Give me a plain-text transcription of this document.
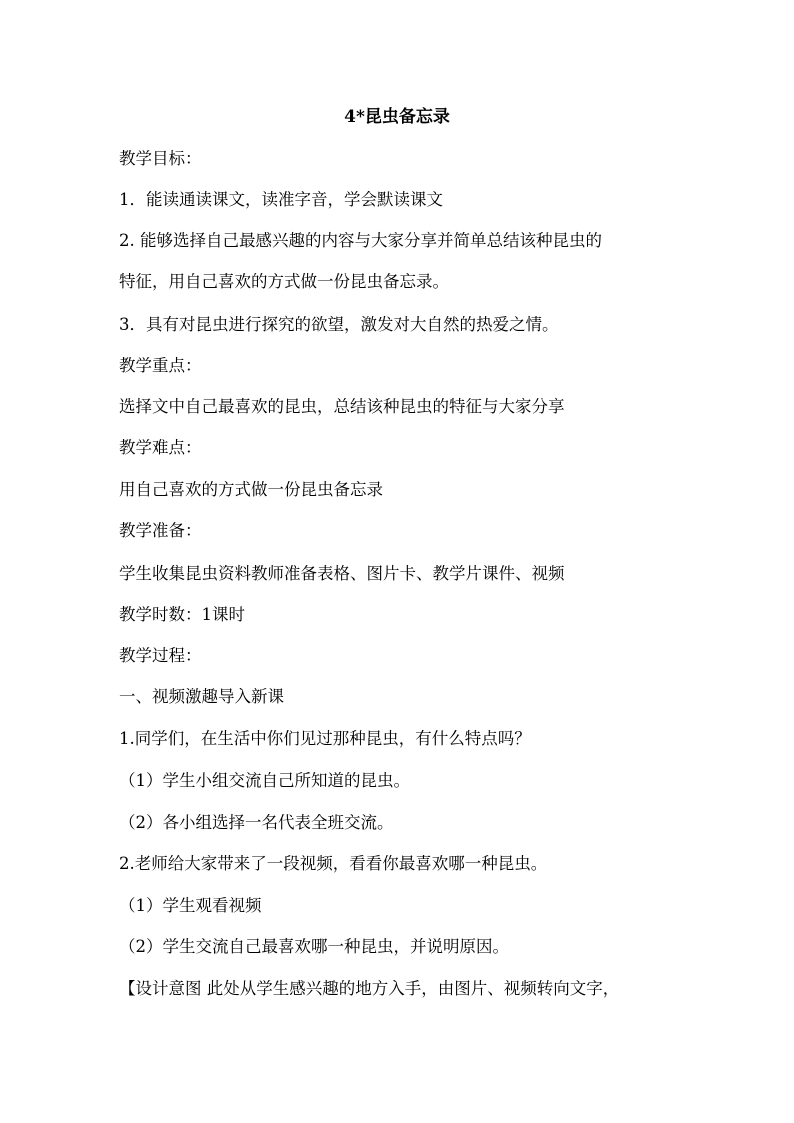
4*昆虫备忘录
教学目标：
1．能读通读课文，读准字音，学会默读课文
2. 能够选择自己最感兴趣的内容与大家分享并简单总结该种昆虫的
特征，用自己喜欢的方式做一份昆虫备忘录。
3．具有对昆虫进行探究的欲望，激发对大自然的热爱之情。
教学重点：
选择文中自己最喜欢的昆虫，总结该种昆虫的特征与大家分享
教学难点：
用自己喜欢的方式做一份昆虫备忘录
教学准备：
学生收集昆虫资料教师准备表格、图片卡、教学片课件、视频
教学时数：1课时
教学过程：
一、视频激趣导入新课
1.同学们，在生活中你们见过那种昆虫，有什么特点吗？
（1）学生小组交流自己所知道的昆虫。
（2）各小组选择一名代表全班交流。
2.老师给大家带来了一段视频，看看你最喜欢哪一种昆虫。
（1）学生观看视频
（2）学生交流自己最喜欢哪一种昆虫，并说明原因。
【设计意图 此处从学生感兴趣的地方入手，由图片、视频转向文字，
